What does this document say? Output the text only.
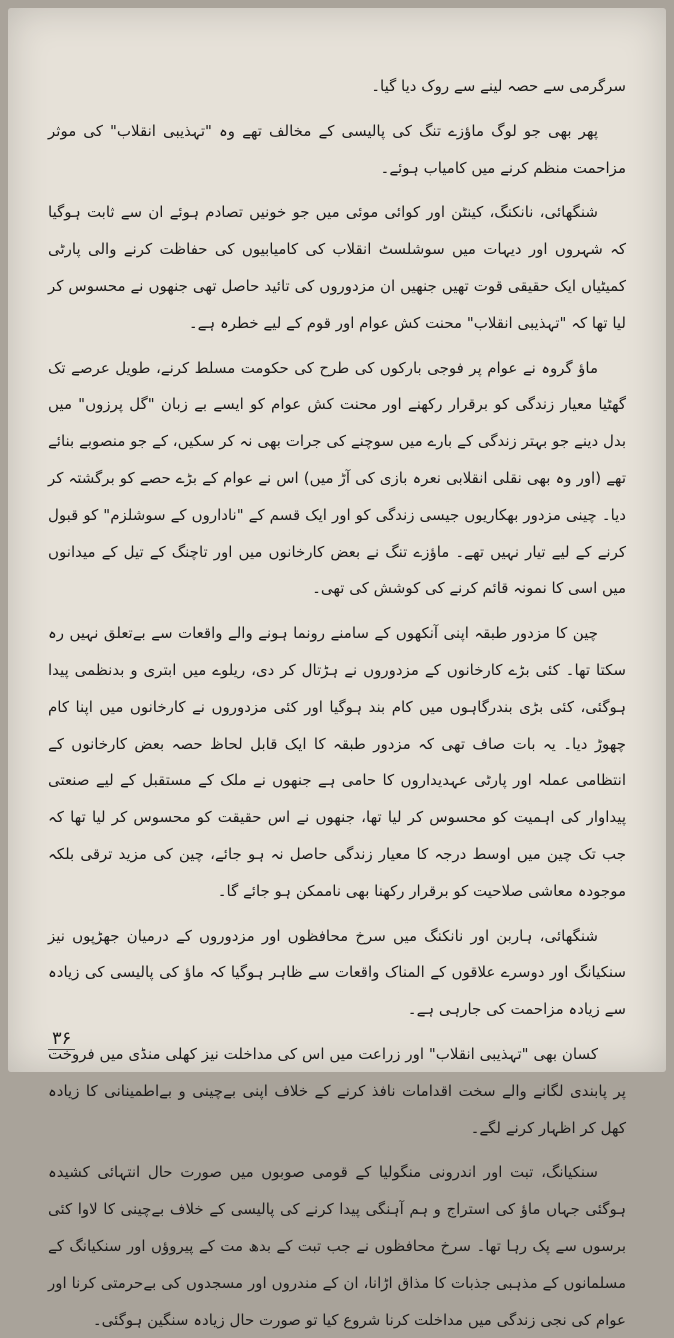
سرگرمی سے حصہ لینے سے روک دیا گیا۔

پھر بھی جو لوگ ماؤزے تنگ کی پالیسی کے مخالف تھے وہ "تہذیبی انقلاب" کی موثر مزاحمت منظم کرنے میں کامیاب ہوئے۔

شنگھائی، نانکنگ، کینٹن اور کوائی موئی میں جو خونیں تصادم ہوئے ان سے ثابت ہوگیا کہ شہروں اور دیہات میں سوشلسٹ انقلاب کی کامیابیوں کی حفاظت کرنے والی پارٹی کمیٹیاں ایک حقیقی قوت تھیں جنھیں ان مزدوروں کی تائید حاصل تھی جنھوں نے محسوس کر لیا تھا کہ "تہذیبی انقلاب" محنت کش عوام اور قوم کے لیے خطرہ ہے۔

ماؤ گروہ نے عوام پر فوجی بارکوں کی طرح کی حکومت مسلط کرنے، طویل عرصے تک گھٹیا معیار زندگی کو برقرار رکھنے اور محنت کش عوام کو ایسے بے زبان "گل پرزوں" میں بدل دینے جو بہتر زندگی کے بارے میں سوچنے کی جرات بھی نہ کر سکیں، کے جو منصوبے بنائے تھے (اور وہ بھی نقلی انقلابی نعرہ بازی کی آڑ میں) اس نے عوام کے بڑے حصے کو برگشتہ کر دیا۔ چینی مزدور بھکاریوں جیسی زندگی کو اور ایک قسم کے "ناداروں کے سوشلزم" کو قبول کرنے کے لیے تیار نہیں تھے۔ ماؤزے تنگ نے بعض کارخانوں میں اور تاچنگ کے تیل کے میدانوں میں اسی کا نمونہ قائم کرنے کی کوشش کی تھی۔

چین کا مزدور طبقہ اپنی آنکھوں کے سامنے رونما ہونے والے واقعات سے بےتعلق نہیں رہ سکتا تھا۔ کئی بڑے کارخانوں کے مزدوروں نے ہڑتال کر دی، ریلوے میں ابتری و بدنظمی پیدا ہوگئی، کئی بڑی بندرگاہوں میں کام بند ہوگیا اور کئی مزدوروں نے کارخانوں میں اپنا کام چھوڑ دیا۔ یہ بات صاف تھی کہ مزدور طبقہ کا ایک قابل لحاظ حصہ بعض کارخانوں کے انتظامی عملہ اور پارٹی عہدیداروں کا حامی ہے جنھوں نے ملک کے مستقبل کے لیے صنعتی پیداوار کی اہمیت کو محسوس کر لیا تھا، جنھوں نے اس حقیقت کو محسوس کر لیا تھا کہ جب تک چین میں اوسط درجہ کا معیار زندگی حاصل نہ ہو جائے، چین کی مزید ترقی بلکہ موجودہ معاشی صلاحیت کو برقرار رکھنا بھی ناممکن ہو جائے گا۔

شنگھائی، ہاربن اور نانکنگ میں سرخ محافظوں اور مزدوروں کے درمیان جھڑپوں نیز سنکیانگ اور دوسرے علاقوں کے المناک واقعات سے ظاہر ہوگیا کہ ماؤ کی پالیسی کی زیادہ سے زیادہ مزاحمت کی جارہی ہے۔

کسان بھی "تہذیبی انقلاب" اور زراعت میں اس کی مداخلت نیز کھلی منڈی میں فروخت پر پابندی لگانے والے سخت اقدامات نافذ کرنے کے خلاف اپنی بےچینی و بےاطمینانی کا زیادہ کھل کر اظہار کرنے لگے۔

سنکیانگ، تبت اور اندرونی منگولیا کے قومی صوبوں میں صورت حال انتہائی کشیدہ ہوگئی جہاں ماؤ کی استراج و ہم آہنگی پیدا کرنے کی پالیسی کے خلاف بےچینی کا لاوا کئی برسوں سے پک رہا تھا۔ سرخ محافظوں نے جب تبت کے بدھ مت کے پیروؤں اور سنکیانگ کے مسلمانوں کے مذہبی جذبات کا مذاق اڑانا، ان کے مندروں اور مسجدوں کی بےحرمتی کرنا اور عوام کی نجی زندگی میں مداخلت کرنا شروع کیا تو صورت حال زیادہ سنگین ہوگئی۔

۳۶
